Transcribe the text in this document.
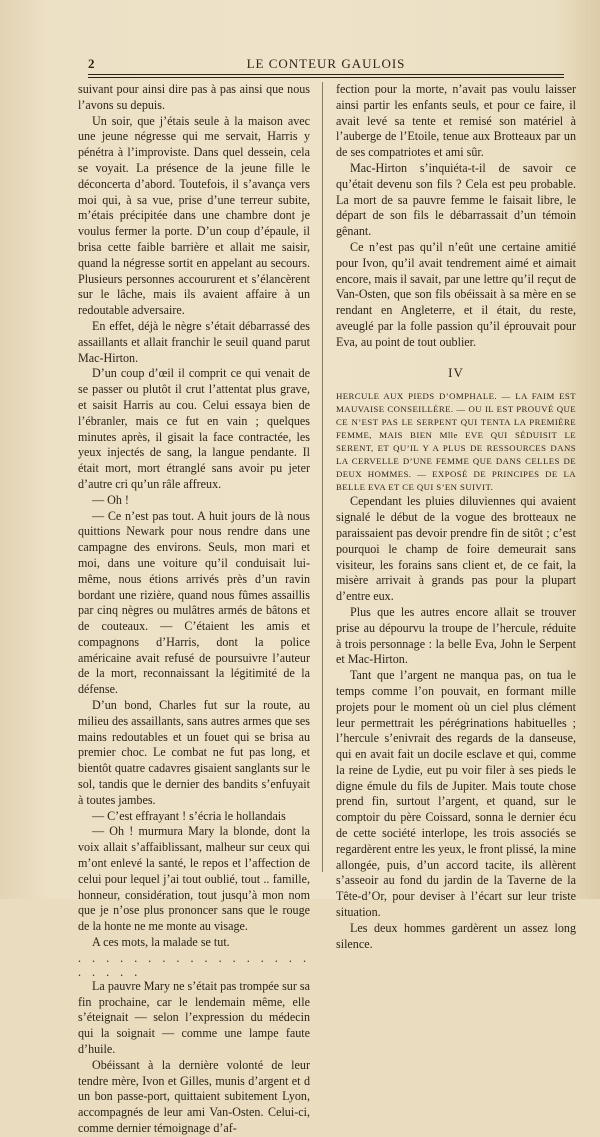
2	LE CONTEUR GAULOIS

suivant pour ainsi dire pas à pas ainsi que nous l’avons su depuis.

Un soir, que j’étais seule à la maison avec une jeune négresse qui me servait, Harris y pénétra à l’improviste. Dans quel dessein, cela se voyait. La présence de la jeune fille le déconcerta d’abord. Toutefois, il s’avança vers moi qui, à sa vue, prise d’une terreur subite, m’étais précipitée dans une chambre dont je voulus fermer la porte. D’un coup d’épaule, il brisa cette faible barrière et allait me saisir, quand la négresse sortit en appelant au secours. Plusieurs personnes accoururent et s’élancèrent sur le lâche, mais ils avaient affaire à un redoutable adversaire.

En effet, déjà le nègre s’était débarrassé des assaillants et allait franchir le seuil quand parut Mac-Hirton.

D’un coup d’œil il comprit ce qui venait de se passer ou plutôt il crut l’attentat plus grave, et saisit Harris au cou. Celui essaya bien de l’ébranler, mais ce fut en vain ; quelques minutes après, il gisait la face contractée, les yeux injectés de sang, la langue pendante. Il était mort, mort étranglé sans avoir pu jeter d’autre cri qu’un râle affreux.

— Oh !

— Ce n’est pas tout. A huit jours de là nous quittions Newark pour nous rendre dans une campagne des environs. Seuls, mon mari et moi, dans une voiture qu’il conduisait lui-même, nous étions arrivés près d’un ravin bordant une rizière, quand nous fûmes assaillis par cinq nègres ou mulâtres armés de bâtons et de couteaux. — C’étaient les amis et compagnons d’Harris, dont la police américaine avait refusé de poursuivre l’auteur de la mort, reconnaissant la légitimité de la défense.

D’un bond, Charles fut sur la route, au milieu des assaillants, sans autres armes que ses mains redoutables et un fouet qui se brisa au premier choc. Le combat ne fut pas long, et bientôt quatre cadavres gisaient sanglants sur le sol, tandis que le dernier des bandits s’enfuyait à toutes jambes.

— C’est effrayant ! s’écria le hollandais

— Oh ! murmura Mary la blonde, dont la voix allait s’affaiblissant, malheur sur ceux qui m’ont enlevé la santé, le repos et l’affection de celui pour lequel j’ai tout oublié, tout .. famille, honneur, considération, tout jusqu’à mon nom que je n’ose plus prononcer sans que le rouge de la honte ne me monte au visage.

A ces mots, la malade se tut.

. . . . . . . . . . . . . . . . . . . . . .

La pauvre Mary ne s’était pas trompée sur sa fin prochaine, car le lendemain même, elle s’éteignait — selon l’expression du médecin qui la soignait — comme une lampe faute d’huile.

Obéissant à la dernière volonté de leur tendre mère, Ivon et Gilles, munis d’argent et d un bon passe-port, quittaient subitement Lyon, accompagnés de leur ami Van-Osten. Celui-ci, comme dernier témoignage d’af-

fection pour la morte, n’avait pas voulu laisser ainsi partir les enfants seuls, et pour ce faire, il avait levé sa tente et remisé son matériel à l’auberge de l’Etoile, tenue aux Brotteaux par un de ses compatriotes et ami sûr.

Mac-Hirton s’inquiéta-t-il de savoir ce qu’était devenu son fils ? Cela est peu probable. La mort de sa pauvre femme le faisait libre, le départ de son fils le débarrassait d’un témoin gênant.

Ce n’est pas qu’il n’eût une certaine amitié pour Ivon, qu’il avait tendrement aimé et aimait encore, mais il savait, par une lettre qu’il reçut de Van-Osten, que son fils obéissait à sa mère en se rendant en Angleterre, et il était, du reste, aveuglé par la folle passion qu’il éprouvait pour Eva, au point de tout oublier.

IV

HERCULE AUX PIEDS D’OMPHALE. — LA FAIM EST MAUVAISE CONSEILLÈRE. — OU IL EST PROUVÉ QUE CE N’EST PAS LE SERPENT QUI TENTA LA PREMIÈRE FEMME, MAIS BIEN Mlle EVE QUI SÉDUISIT LE SERENT, ET QU’IL Y A PLUS DE RESSOURCES DANS LA CERVELLE D’UNE FEMME QUE DANS CELLES DE DEUX HOMMES. — EXPOSÉ DE PRINCIPES DE LA BELLE EVA ET CE QUI S’EN SUIVIT.

Cependant les pluies diluviennes qui avaient signalé le début de la vogue des brotteaux ne paraissaient pas devoir prendre fin de sitôt ; c’est pourquoi le champ de foire demeurait sans visiteur, les forains sans client et, de ce fait, la misère arrivait à grands pas pour la plupart d’entre eux.

Plus que les autres encore allait se trouver prise au dépourvu la troupe de l’hercule, réduite à trois personnage : la belle Eva, John le Serpent et Mac-Hirton.

Tant que l’argent ne manqua pas, on tua le temps comme l’on pouvait, en formant mille projets pour le moment où un ciel plus clément leur permettrait les pérégrinations habituelles ; l’hercule s’enivrait des regards de la danseuse, qui en avait fait un docile esclave et qui, comme la reine de Lydie, eut pu voir filer à ses pieds le digne émule du fils de Jupiter. Mais toute chose prend fin, surtout l’argent, et quand, sur le comptoir du père Coissard, sonna le dernier écu de cette société interlope, les trois associés se regardèrent entre les yeux, le front plissé, la mine allongée, puis, d’un accord tacite, ils allèrent s’asseoir au fond du jardin de la Taverne de la Tête-d’Or, pour deviser à l’écart sur leur triste situation.

Les deux hommes gardèrent un assez long silence.
